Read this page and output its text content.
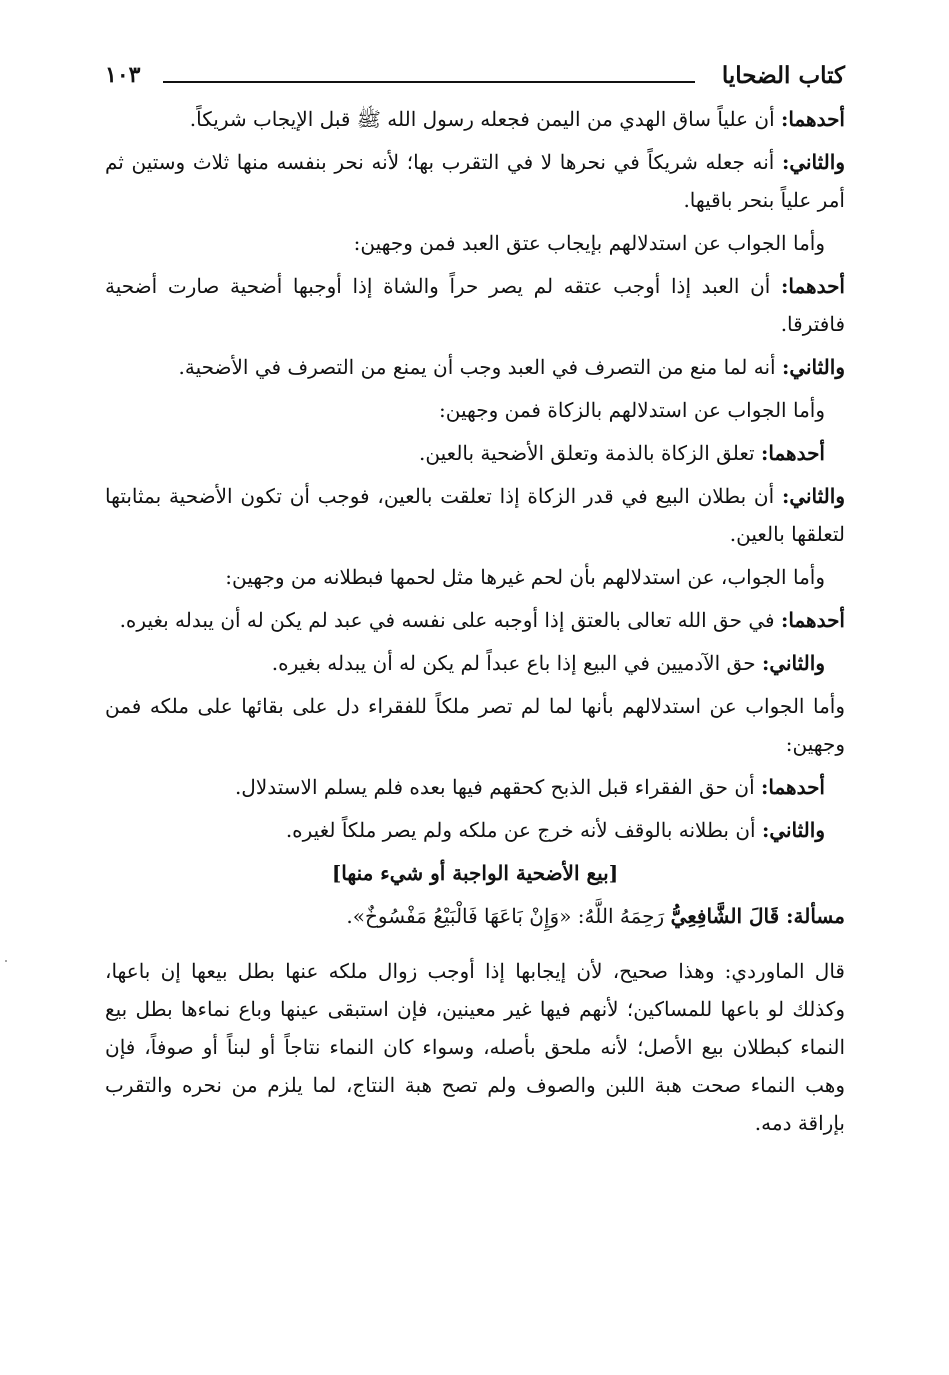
كتاب الضحايا
١٠٣

أحدهما: أن علياً ساق الهدي من اليمن فجعله رسول الله ﷺ قبل الإيجاب شريكاً.

والثاني: أنه جعله شريكاً في نحرها لا في التقرب بها؛ لأنه نحر بنفسه منها ثلاث وستين ثم أمر علياً بنحر باقيها.

وأما الجواب عن استدلالهم بإيجاب عتق العبد فمن وجهين:

أحدهما: أن العبد إذا أوجب عتقه لم يصر حراً والشاة إذا أوجبها أضحية صارت أضحية فافترقا.

والثاني: أنه لما منع من التصرف في العبد وجب أن يمنع من التصرف في الأضحية.

وأما الجواب عن استدلالهم بالزكاة فمن وجهين:

أحدهما: تعلق الزكاة بالذمة وتعلق الأضحية بالعين.

والثاني: أن بطلان البيع في قدر الزكاة إذا تعلقت بالعين، فوجب أن تكون الأضحية بمثابتها لتعلقها بالعين.

وأما الجواب، عن استدلالهم بأن لحم غيرها مثل لحمها فبطلانه من وجهين:

أحدهما: في حق الله تعالى بالعتق إذا أوجبه على نفسه في عبد لم يكن له أن يبدله بغيره.

والثاني: حق الآدميين في البيع إذا باع عبداً لم يكن له أن يبدله بغيره.

وأما الجواب عن استدلالهم بأنها لما لم تصر ملكاً للفقراء دل على بقائها على ملكه فمن وجهين:

أحدهما: أن حق الفقراء قبل الذبح كحقهم فيها بعده فلم يسلم الاستدلال.

والثاني: أن بطلانه بالوقف لأنه خرج عن ملكه ولم يصر ملكاً لغيره.

[بيع الأضحية الواجبة أو شيء منها]

مسألة: قَالَ الشَّافِعِيُّ رَحِمَهُ اللَّهُ: «وَإِنْ بَاعَهَا فَالْبَيْعُ مَفْسُوخٌ».

قال الماوردي: وهذا صحيح، لأن إيجابها إذا أوجب زوال ملكه عنها بطل بيعها إن باعها، وكذلك لو باعها للمساكين؛ لأنهم فيها غير معينين، فإن استبقى عينها وباع نماءها بطل بيع النماء كبطلان بيع الأصل؛ لأنه ملحق بأصله، وسواء كان النماء نتاجاً أو لبناً أو صوفاً، فإن وهب النماء صحت هبة اللبن والصوف ولم تصح هبة النتاج، لما يلزم من نحره والتقرب بإراقة دمه.
